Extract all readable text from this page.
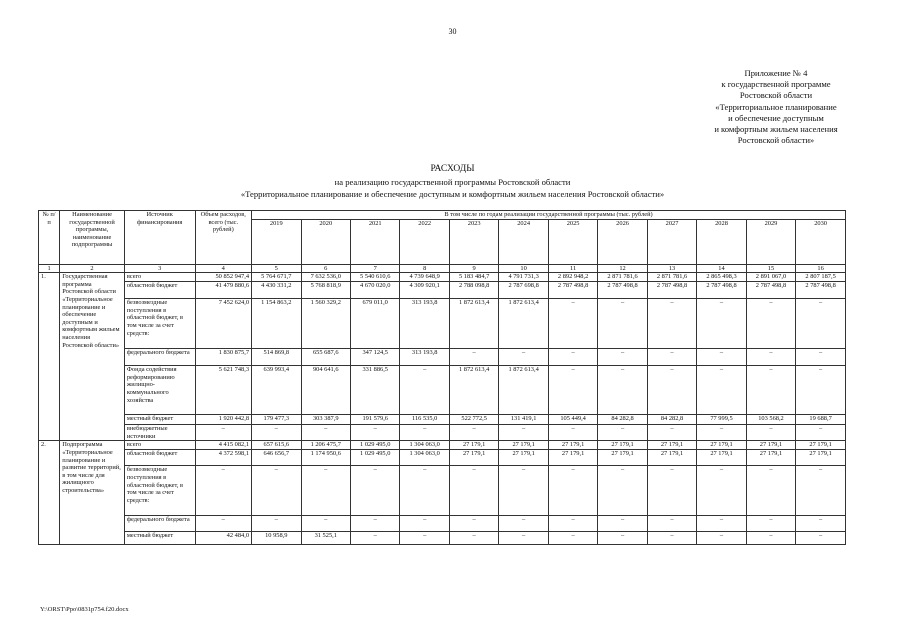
30
Приложение № 4
к государственной программе
Ростовской области
«Территориальное планирование
и обеспечение доступным
и комфортным жильем населения
Ростовской области»
РАСХОДЫ
на реализацию государственной программы Ростовской области
«Территориальное планирование и обеспечение доступным и комфортным жильем населения Ростовской области»
№ п/п	Наименование государственной программы, наименование подпрограммы	Источник финансирования	Объем расходов, всего (тыс. рублей)	В том числе по годам реализации государственной программы (тыс. рублей)											
				2019	2020	2021	2022	2023	2024	2025	2026	2027	2028	2029	2030
1	2	3	4	5	6	7	8	9	10	11	12	13	14	15	16
1.	Государственная программа Ростовской области «Территориальное планирование и обеспечение доступным и комфортным жильем населения Ростовской области»	всего	50 852 947,4	5 764 671,7	7 632 536,0	5 540 610,6	4 739 648,9	5 183 484,7	4 791 731,3	2 892 948,2	2 871 781,6	2 871 781,6	2 865 498,3	2 891 067,0	2 807 187,5
		областной бюджет	41 479 880,6	4 430 331,2	5 768 818,9	4 670 020,0	4 309 920,1	2 788 098,8	2 787 698,8	2 787 498,8	2 787 498,8	2 787 498,8	2 787 498,8	2 787 498,8	2 787 498,8
		безвозмездные поступления в областной бюджет, в том числе за счет средств:	7 452 624,0	1 154 863,2	1 560 329,2	679 011,0	313 193,8	1 872 613,4	1 872 613,4	–	–	–	–	–	–
		федерального бюджета	1 830 875,7	514 869,8	655 687,6	347 124,5	313 193,8	–	–	–	–	–	–	–	–
		Фонда содействия реформированию жилищно-коммунального хозяйства	5 621 748,3	639 993,4	904 641,6	331 886,5	–	1 872 613,4	1 872 613,4	–	–	–	–	–	–
		местный бюджет	1 920 442,8	179 477,3	303 387,9	191 579,6	116 535,0	522 772,5	131 419,1	105 449,4	84 282,8	84 282,8	77 999,5	103 568,2	19 688,7
		внебюджетные источники	–	–	–	–	–	–	–	–	–	–	–	–	–
2.	Подпрограмма «Территориальное планирование и развитие территорий, в том числе для жилищного строительства»	всего	4 415 082,1	657 615,6	1 206 475,7	1 029 495,0	1 304 063,0	27 179,1	27 179,1	27 179,1	27 179,1	27 179,1	27 179,1	27 179,1	27 179,1
		областной бюджет	4 372 598,1	646 656,7	1 174 950,6	1 029 495,0	1 304 063,0	27 179,1	27 179,1	27 179,1	27 179,1	27 179,1	27 179,1	27 179,1	27 179,1
		безвозмездные поступления в областной бюджет, в том числе за счет средств:	–	–	–	–	–	–	–	–	–	–	–	–	–
		федерального бюджета	–	–	–	–	–	–	–	–	–	–	–	–	–
		местный бюджет	42 484,0	10 958,9	31 525,1	–	–	–	–	–	–	–	–	–	–
Y:\ORST\Ppo\0831p754.f20.docx
